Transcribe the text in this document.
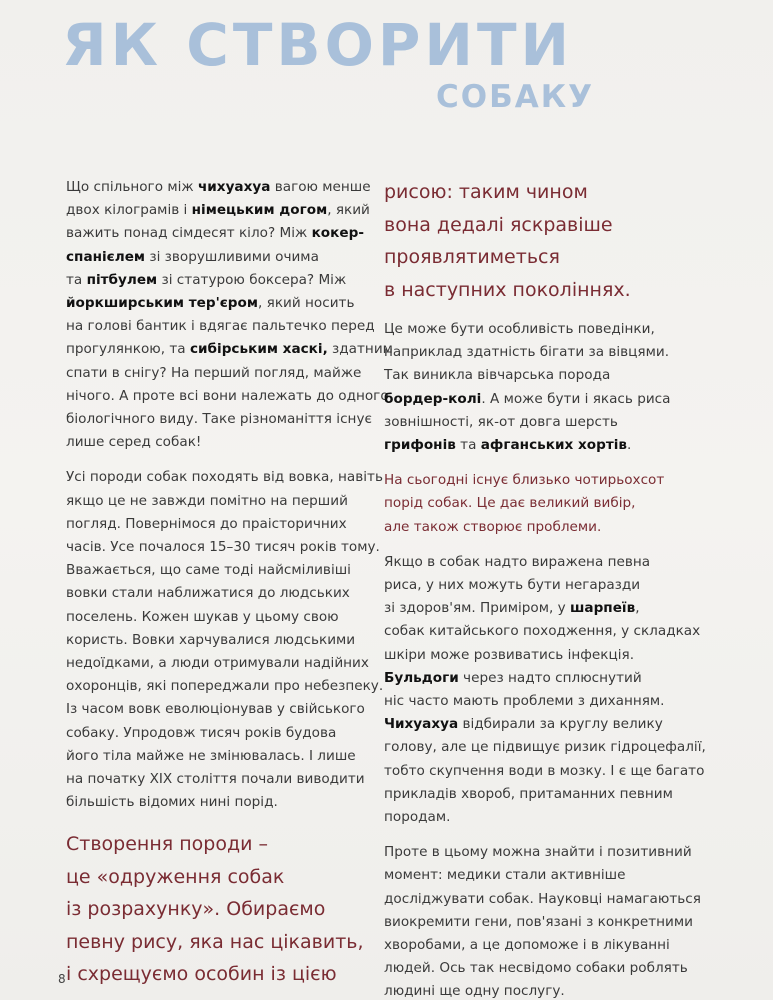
ЯК СТВОРИТИ
СОБАКУ

Що спільного між чихуахуа вагою менше
двох кілограмів і німецьким догом, який
важить понад сімдесят кіло? Між кокер-
спанієлем зі зворушливими очима
та пітбулем зі статурою боксера? Між
йоркширським тер'єром, який носить
на голові бантик і вдягає пальтечко перед
прогулянкою, та сибірським хаскі, здатним
спати в снігу? На перший погляд, майже
нічого. А проте всі вони належать до одного
біологічного виду. Таке різноманіття існує
лише серед собак!

Усі породи собак походять від вовка, навіть
якщо це не завжди помітно на перший
погляд. Повернімося до праісторичних
часів. Усе почалося 15–30 тисяч років тому.
Вважається, що саме тоді найсміливіші
вовки стали наближатися до людських
поселень. Кожен шукав у цьому свою
користь. Вовки харчувалися людськими
недоїдками, а люди отримували надійних
охоронців, які попереджали про небезпеку.
Із часом вовк еволюціонував у свійського
собаку. Упродовж тисяч років будова
його тіла майже не змінювалась. І лише
на початку XIX століття почали виводити
більшість відомих нині порід.

Створення породи –
це «одруження собак
із розрахунку». Обираємо
певну рису, яка нас цікавить,
і схрещуємо особин із цією
рисою: таким чином
вона дедалі яскравіше
проявлятиметься
в наступних поколіннях.

Це може бути особливість поведінки,
наприклад здатність бігати за вівцями.
Так виникла вівчарська порода
бордер-колі. А може бути і якась риса
зовнішності, як-от довга шерсть
грифонів та афганських хортів.

На сьогодні існує близько чотирьохсот
порід собак. Це дає великий вибір,
але також створює проблеми.

Якщо в собак надто виражена певна
риса, у них можуть бути негаразди
зі здоров'ям. Приміром, у шарпеїв,
собак китайського походження, у складках
шкіри може розвиватись інфекція.
Бульдоги через надто сплюснутий
ніс часто мають проблеми з диханням.
Чихуахуа відбирали за круглу велику
голову, але це підвищує ризик гідроцефалії,
тобто скупчення води в мозку. І є ще багато
прикладів хвороб, притаманних певним
породам.

Проте в цьому можна знайти і позитивний
момент: медики стали активніше
досліджувати собак. Науковці намагаються
виокремити гени, пов'язані з конкретними
хворобами, а це допоможе і в лікуванні
людей. Ось так несвідомо собаки роблять
людині ще одну послугу.

8
